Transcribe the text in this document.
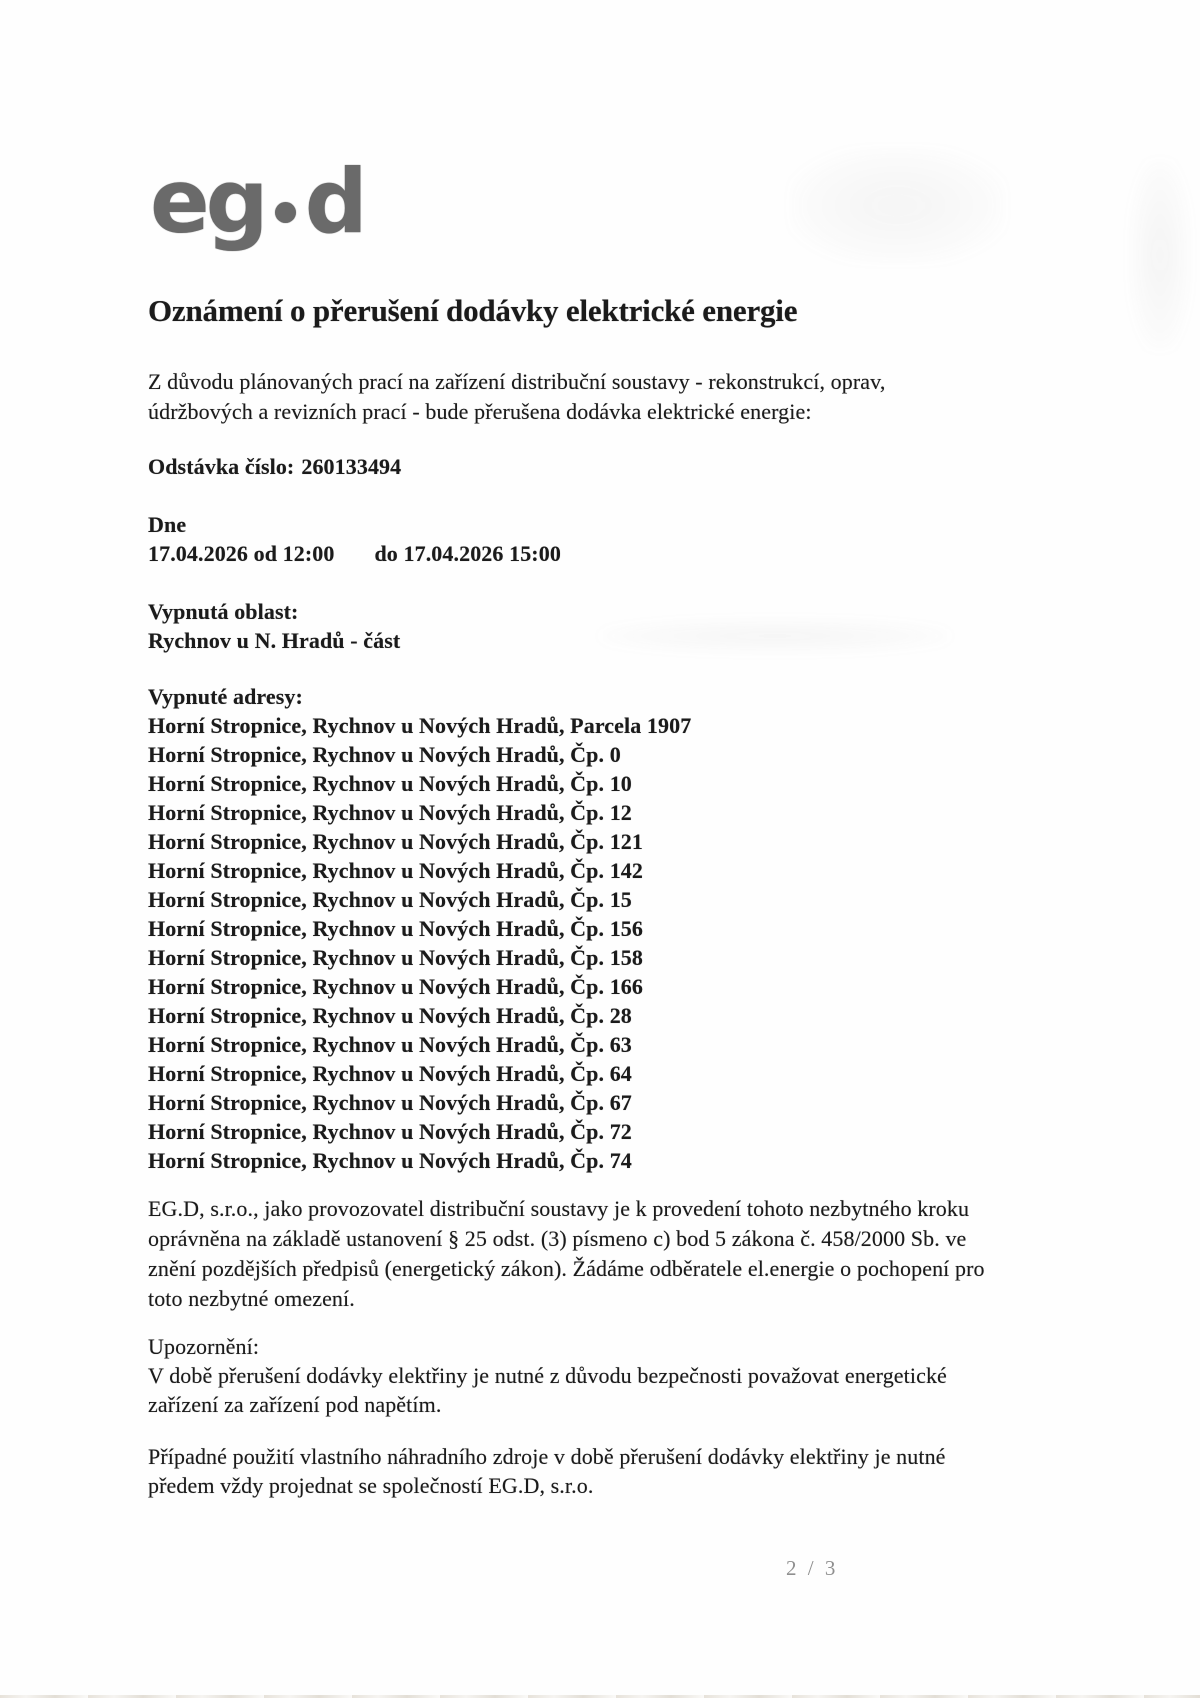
eg d
Oznámení o přerušení dodávky elektrické energie
Z důvodu plánovaných prací na zařízení distribuční soustavy - rekonstrukcí, oprav,
údržbových a revizních prací - bude přerušena dodávka elektrické energie:
Odstávka číslo: 260133494
Dne
17.04.2026 od 12:00 do 17.04.2026 15:00
Vypnutá oblast:
Rychnov u N. Hradů - část
Vypnuté adresy:
Horní Stropnice, Rychnov u Nových Hradů, Parcela 1907
Horní Stropnice, Rychnov u Nových Hradů, Čp. 0
Horní Stropnice, Rychnov u Nových Hradů, Čp. 10
Horní Stropnice, Rychnov u Nových Hradů, Čp. 12
Horní Stropnice, Rychnov u Nových Hradů, Čp. 121
Horní Stropnice, Rychnov u Nových Hradů, Čp. 142
Horní Stropnice, Rychnov u Nových Hradů, Čp. 15
Horní Stropnice, Rychnov u Nových Hradů, Čp. 156
Horní Stropnice, Rychnov u Nových Hradů, Čp. 158
Horní Stropnice, Rychnov u Nových Hradů, Čp. 166
Horní Stropnice, Rychnov u Nových Hradů, Čp. 28
Horní Stropnice, Rychnov u Nových Hradů, Čp. 63
Horní Stropnice, Rychnov u Nových Hradů, Čp. 64
Horní Stropnice, Rychnov u Nových Hradů, Čp. 67
Horní Stropnice, Rychnov u Nových Hradů, Čp. 72
Horní Stropnice, Rychnov u Nových Hradů, Čp. 74
EG.D, s.r.o., jako provozovatel distribuční soustavy je k provedení tohoto nezbytného kroku
oprávněna na základě ustanovení § 25 odst. (3) písmeno c) bod 5 zákona č. 458/2000 Sb. ve
znění pozdějších předpisů (energetický zákon). Žádáme odběratele el.energie o pochopení pro
toto nezbytné omezení.
Upozornění:
V době přerušení dodávky elektřiny je nutné z důvodu bezpečnosti považovat energetické
zařízení za zařízení pod napětím.
Případné použití vlastního náhradního zdroje v době přerušení dodávky elektřiny je nutné
předem vždy projednat se společností EG.D, s.r.o.
2 / 3
